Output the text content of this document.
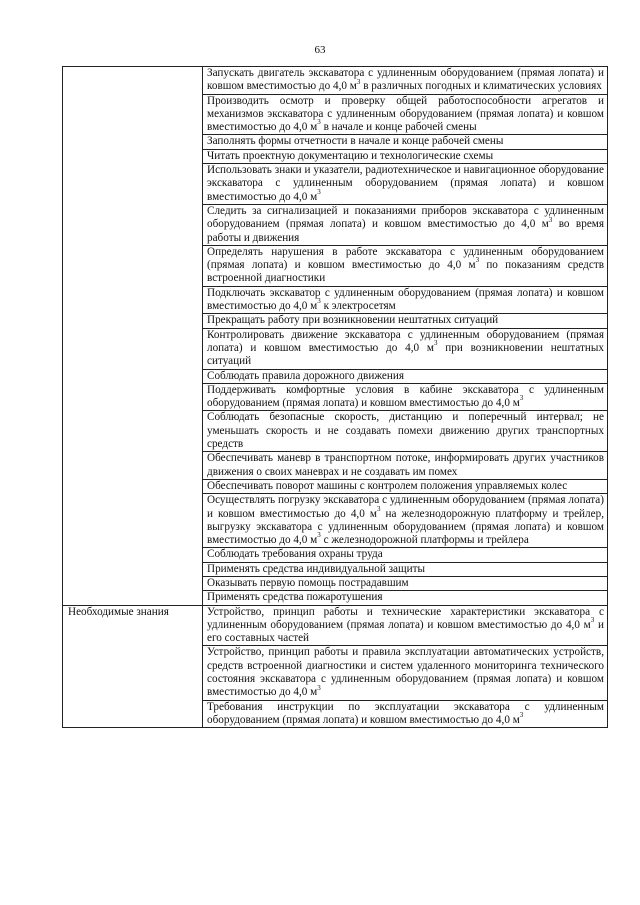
63
	Запускать двигатель экскаватора с удлиненным оборудованием (прямая лопата) и ковшом вместимостью до 4,0 $м^3$ в различных погодных и климатических условиях
	Производить осмотр и проверку общей работоспособности агрегатов и механизмов экскаватора с удлиненным оборудованием (прямая лопата) и ковшом вместимостью до 4,0 $м^3$ в начале и конце рабочей смены
	Заполнять формы отчетности в начале и конце рабочей смены
	Читать проектную документацию и технологические схемы
	Использовать знаки и указатели, радиотехническое и навигационное оборудование экскаватора с удлиненным оборудованием (прямая лопата) и ковшом вместимостью до 4,0 $м^3$
	Следить за сигнализацией и показаниями приборов экскаватора с удлиненным оборудованием (прямая лопата) и ковшом вместимостью до 4,0 $м^3$ во время работы и движения
	Определять нарушения в работе экскаватора с удлиненным оборудованием (прямая лопата) и ковшом вместимостью до 4,0 $м^3$ по показаниям средств встроенной диагностики
	Подключать экскаватор с удлиненным оборудованием (прямая лопата) и ковшом вместимостью до 4,0 $м^3$ к электросетям
	Прекращать работу при возникновении нештатных ситуаций
	Контролировать движение экскаватора с удлиненным оборудованием (прямая лопата) и ковшом вместимостью до 4,0 $м^3$ при возникновении нештатных ситуаций
	Соблюдать правила дорожного движения
	Поддерживать комфортные условия в кабине экскаватора с удлиненным оборудованием (прямая лопата) и ковшом вместимостью до 4,0 $м^3$
	Соблюдать безопасные скорость, дистанцию и поперечный интервал; не уменьшать скорость и не создавать помехи движению других транспортных средств
	Обеспечивать маневр в транспортном потоке, информировать других участников движения о своих маневрах и не создавать им помех
	Обеспечивать поворот машины с контролем положения управляемых колес
	Осуществлять погрузку экскаватора с удлиненным оборудованием (прямая лопата) и ковшом вместимостью до 4,0 $м^3$ на железнодорожную платформу и трейлер, выгрузку экскаватора с удлиненным оборудованием (прямая лопата) и ковшом вместимостью до 4,0 $м^3$ с железнодорожной платформы и трейлера
	Соблюдать требования охраны труда
	Применять средства индивидуальной защиты
	Оказывать первую помощь пострадавшим
	Применять средства пожаротушения
Необходимые знания	Устройство, принцип работы и технические характеристики экскаватора с удлиненным оборудованием (прямая лопата) и ковшом вместимостью до 4,0 $м^3$ и его составных частей
	Устройство, принцип работы и правила эксплуатации автоматических устройств, средств встроенной диагностики и систем удаленного мониторинга технического состояния экскаватора с удлиненным оборудованием (прямая лопата) и ковшом вместимостью до 4,0 $м^3$
	Требования инструкции по эксплуатации экскаватора с удлиненным оборудованием (прямая лопата) и ковшом вместимостью до 4,0 $м^3$
